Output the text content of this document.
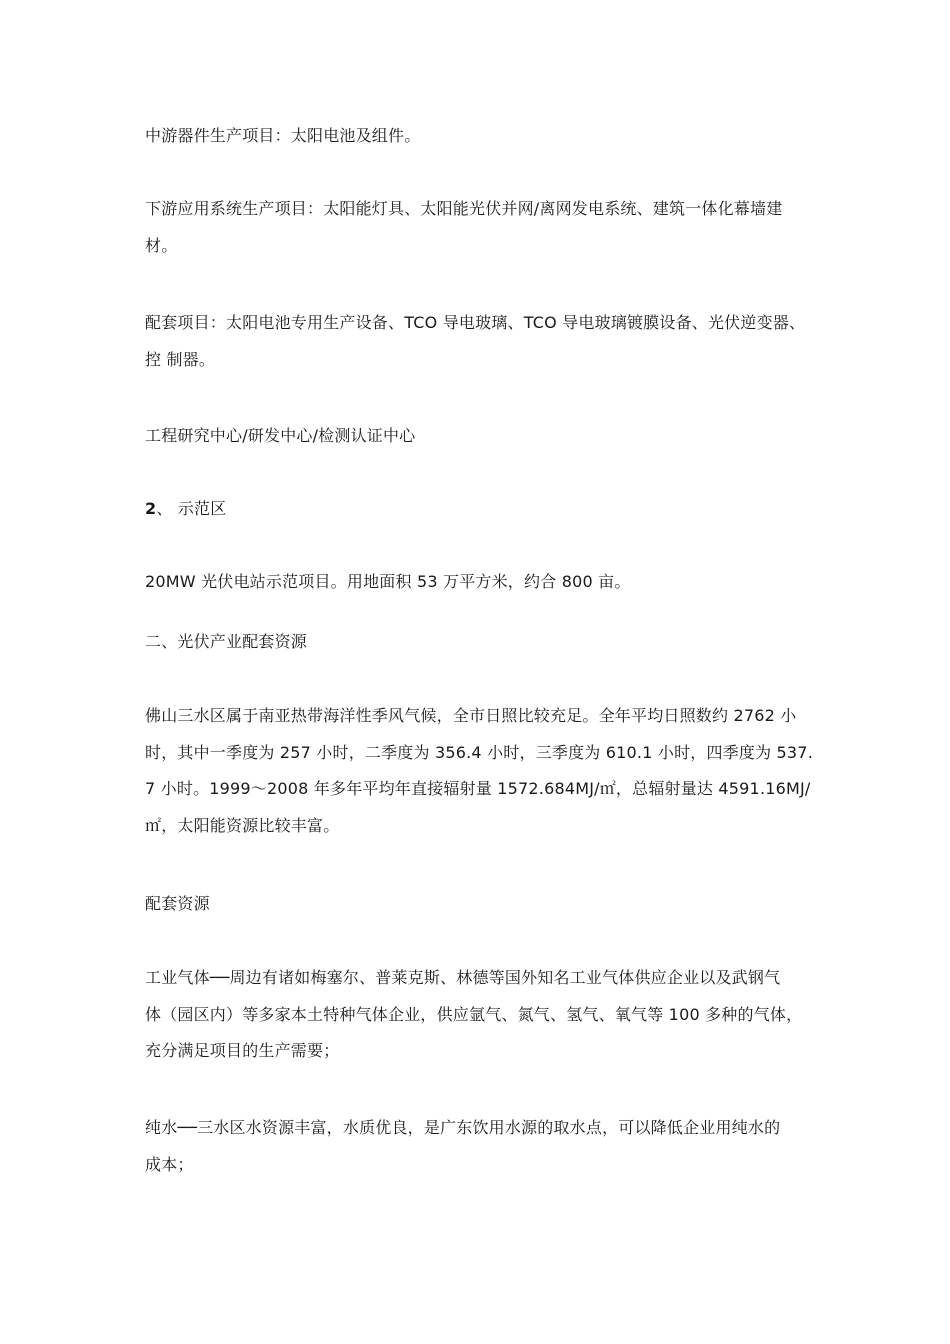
中游器件生产项目：太阳电池及组件。

下游应用系统生产项目：太阳能灯具、太阳能光伏并网/离网发电系统、建筑一体化幕墙建
材。

配套项目：太阳电池专用生产设备、TCO 导电玻璃、TCO 导电玻璃镀膜设备、光伏逆变器、
控 制器。

工程研究中心/研发中心/检测认证中心

2、 示范区

20MW 光伏电站示范项目。用地面积 53 万平方米，约合 800 亩。

二、光伏产业配套资源

佛山三水区属于南亚热带海洋性季风气候，全市日照比较充足。全年平均日照数约 2762 小
时，其中一季度为 257 小时，二季度为 356.4 小时，三季度为 610.1 小时，四季度为 537.
7 小时。1999～2008 年多年平均年直接辐射量 1572.684MJ/㎡，总辐射量达 4591.16MJ/
㎡，太阳能资源比较丰富。

配套资源

工业气体──周边有诸如梅塞尔、普莱克斯、林德等国外知名工业气体供应企业以及武钢气
体（园区内）等多家本土特种气体企业，供应氩气、氮气、氢气、氧气等 100 多种的气体，
充分满足项目的生产需要；

纯水──三水区水资源丰富，水质优良，是广东饮用水源的取水点，可以降低企业用纯水的
成本；
